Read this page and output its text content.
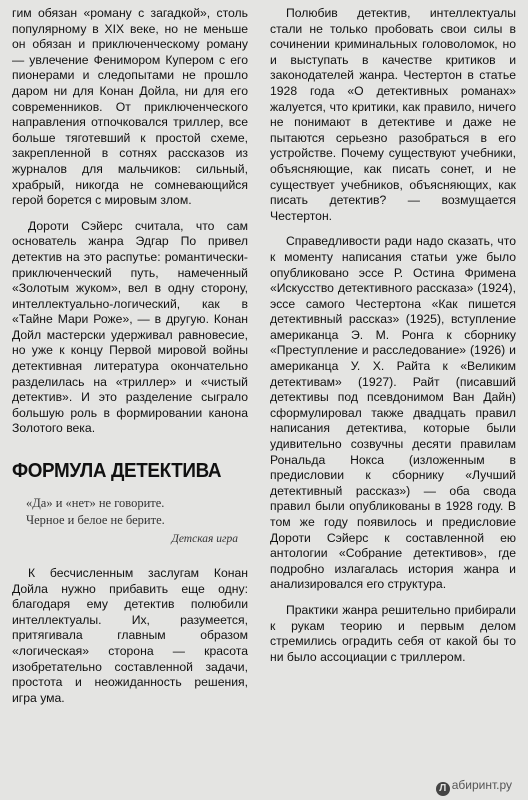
гим обязан «роману с загадкой», столь популярному в XIX веке, но не меньше он обязан и приключенческому роману — увлечение Фенимором Купером с его пионерами и следопытами не прошло даром ни для Конан Дойла, ни для его современников. От приключенческого направления отпочковался триллер, все больше тяготевший к простой схеме, закрепленной в сотнях рассказов из журналов для мальчиков: сильный, храбрый, никогда не сомневающийся герой борется с мировым злом.

Дороти Сэйерс считала, что сам основатель жанра Эдгар По привел детектив на это распутье: романтически-приключенческий путь, намеченный «Золотым жуком», вел в одну сторону, интеллектуально-логический, как в «Тайне Мари Роже», — в другую. Конан Дойл мастерски удерживал равновесие, но уже к концу Первой мировой войны детективная литература окончательно разделилась на «триллер» и «чистый детектив». И это разделение сыграло большую роль в формировании канона Золотого века.

ФОРМУЛА ДЕТЕКТИВА
«Да» и «нет» не говорите.
Черное и белое не берите.
Детская игра

К бесчисленным заслугам Конан Дойла нужно прибавить еще одну: благодаря ему детектив полюбили интеллектуалы. Их, разумеется, притягивала главным образом «логическая» сторона — красота изобретательно составленной задачи, простота и неожиданность решения, игра ума.

Полюбив детектив, интеллектуалы стали не только пробовать свои силы в сочинении криминальных головоломок, но и выступать в качестве критиков и законодателей жанра. Честертон в статье 1928 года «О детективных романах» жалуется, что критики, как правило, ничего не понимают в детективе и даже не пытаются серьезно разобраться в его устройстве. Почему существуют учебники, объясняющие, как писать сонет, и не существует учебников, объясняющих, как писать детектив? — возмущается Честертон.

Справедливости ради надо сказать, что к моменту написания статьи уже было опубликовано эссе Р. Остина Фримена «Искусство детективного рассказа» (1924), эссе самого Честертона «Как пишется детективный рассказ» (1925), вступление американца Э. М. Ронга к сборнику «Преступление и расследование» (1926) и американца У. Х. Райта к «Великим детективам» (1927). Райт (писавший детективы под псевдонимом Ван Дайн) сформулировал также двадцать правил написания детектива, которые были удивительно созвучны десяти правилам Рональда Нокса (изложенным в предисловии к сборнику «Лучший детективный рассказ») — оба свода правил были опубликованы в 1928 году. В том же году появилось и предисловие Дороти Сэйерс к составленной ею антологии «Собрание детективов», где подробно излагалась история жанра и анализировался его структура.

Практики жанра решительно прибирали к рукам теорию и первым делом стремились оградить себя от какой бы то ни было ассоциации с триллером.

Л абиринт.ру
